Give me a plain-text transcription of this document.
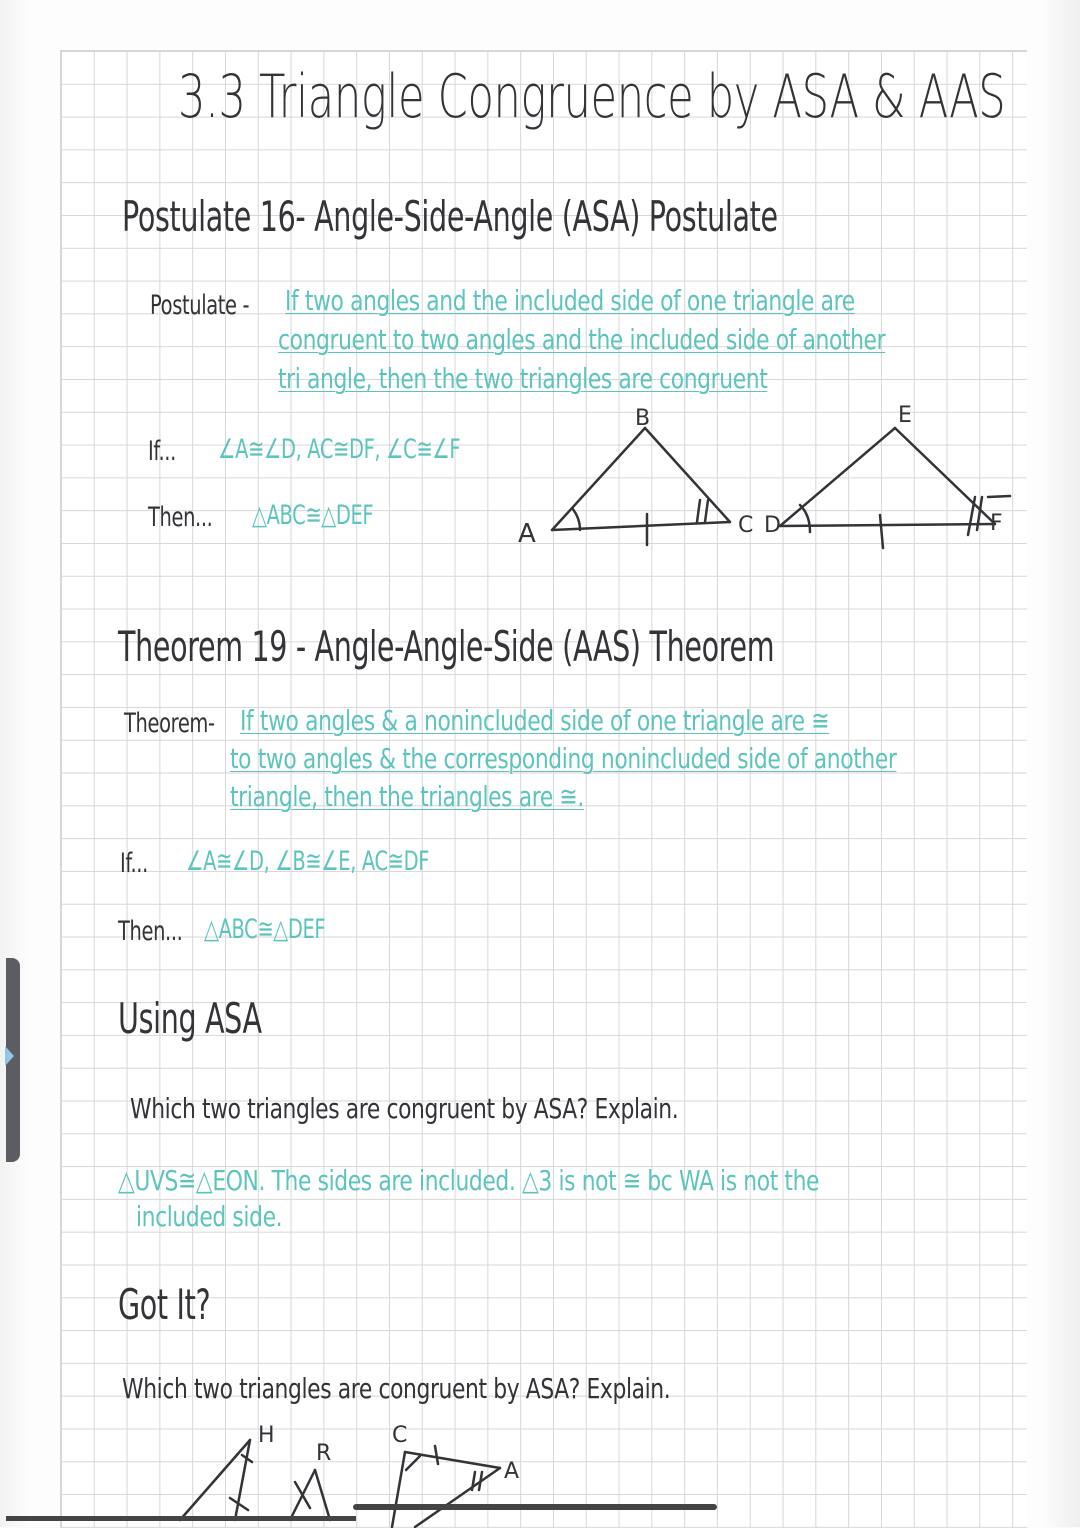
3.3 Triangle Congruence by ASA & AAS
Postulate 16- Angle-Side-Angle (ASA) Postulate
Postulate - If two angles and the included side of one triangle are
congruent to two angles and the included side of another
tri angle, then the two triangles are congruent
If... ∠A≅∠D, AC≅DF, ∠C≅∠F
Then... △ABC≅△DEF
A
B
C D
E
F
Theorem 19 - Angle-Angle-Side (AAS) Theorem
Theorem- If two angles & a nonincluded side of one triangle are ≅
to two angles & the corresponding nonincluded side of another
triangle, then the triangles are ≅.
If... ∠A≅∠D, ∠B≅∠E, AC≅DF
Then... △ABC≅△DEF
Using ASA
Which two triangles are congruent by ASA? Explain.
△UVS≅△EON. The sides are included. △3 is not ≅ bc WA is not the
included side.
Got It?
Which two triangles are congruent by ASA? Explain.
H
R
C
A
